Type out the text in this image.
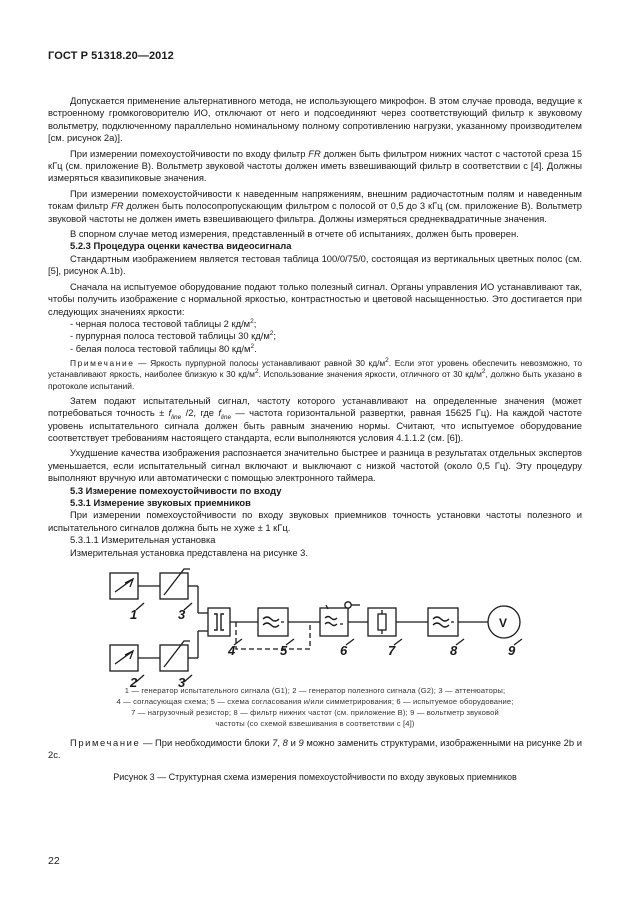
ГОСТ Р 51318.20—2012

Допускается применение альтернативного метода, не использующего микрофон. В этом случае провода, ведущие к встроенному громкоговорителю ИО, отключают от него и подсоединяют через соответствующий фильтр к звуковому вольтметру, подключенному параллельно номинальному полному сопротивлению нагрузки, указанному производителем [см. рисунок 2а)].

При измерении помехоустойчивости по входу фильтр FR должен быть фильтром нижних частот с частотой среза 15 кГц (см. приложение В). Вольтметр звуковой частоты должен иметь взвешивающий фильтр в соответствии с [4]. Должны измеряться квазипиковые значения.

При измерении помехоустойчивости к наведенным напряжениям, внешним радиочастотным полям и наведенным токам фильтр FR должен быть полосопропускающим фильтром с полосой от 0,5 до 3 кГц (см. приложение В). Вольтметр звуковой частоты не должен иметь взвешивающего фильтра. Должны измеряться среднеквадратичные значения.

В спорном случае метод измерения, представленный в отчете об испытаниях, должен быть проверен.

5.2.3 Процедура оценки качества видеосигнала

Стандартным изображением является тестовая таблица 100/0/75/0, состоящая из вертикальных цветных полос (см. [5], рисунок А.1b).

Сначала на испытуемое оборудование подают только полезный сигнал. Органы управления ИО устанавливают так, чтобы получить изображение с нормальной яркостью, контрастностью и цветовой насыщенностью. Это достигается при следующих значениях яркости:

- черная полоса тестовой таблицы 2 $кд/м^2$;

- пурпурная полоса тестовой таблицы 30 $кд/м^2$;

- белая полоса тестовой таблицы 80 $кд/м^2$.

Примечание — Яркость пурпурной полосы устанавливают равной 30 $кд/м^2$. Если этот уровень обеспечить невозможно, то устанавливают яркость, наиболее близкую к 30 $кд/м^2$. Использование значения яркости, отличного от 30 $кд/м^2$, должно быть указано в протоколе испытаний.

Затем подают испытательный сигнал, частоту которого устанавливают на определенные значения (может потребоваться точность ± $f_{line}$ /2, где $f_{line}$ — частота горизонтальной развертки, равная 15625 Гц). На каждой частоте уровень испытательного сигнала должен быть равным значению нормы. Считают, что испытуемое оборудование соответствует требованиям настоящего стандарта, если выполняются условия 4.1.1.2 (см. [6]).

Ухудшение качества изображения распознается значительно быстрее и разница в результатах отдельных экспертов уменьшается, если испытательный сигнал включают и выключают с низкой частотой (около 0,5 Гц). Эту процедуру выполняют вручную или автоматически с помощью электронного таймера.

5.3 Измерение помехоустойчивости по входу

5.3.1 Измерение звуковых приемников

При измерении помехоустойчивости по входу звуковых приемников точность установки частоты полезного и испытательного сигналов должна быть не хуже ± 1 кГц.

5.3.1.1 Измерительная установка

Измерительная установка представлена на рисунке 3.

1	3
2	3
4	5	6	7	8	9
V
1 — генератор испытательного сигнала (G1); 2 — генератор полезного сигнала (G2); 3 — аттенюаторы;
4 — согласующая схема; 5 — схема согласования и/или симметрирования; 6 — испытуемое оборудование;
7 — нагрузочный резистор; 8 — фильтр нижних частот (см. приложение В); 9 — вольтметр звуковой
частоты (со схемой взвешивания в соответствии с [4])

Примечание — При необходимости блоки 7, 8 и 9 можно заменить структурами, изображенными на рисунке 2b и 2c.

Рисунок 3 — Структурная схема измерения помехоустойчивости по входу звуковых приемников
22
